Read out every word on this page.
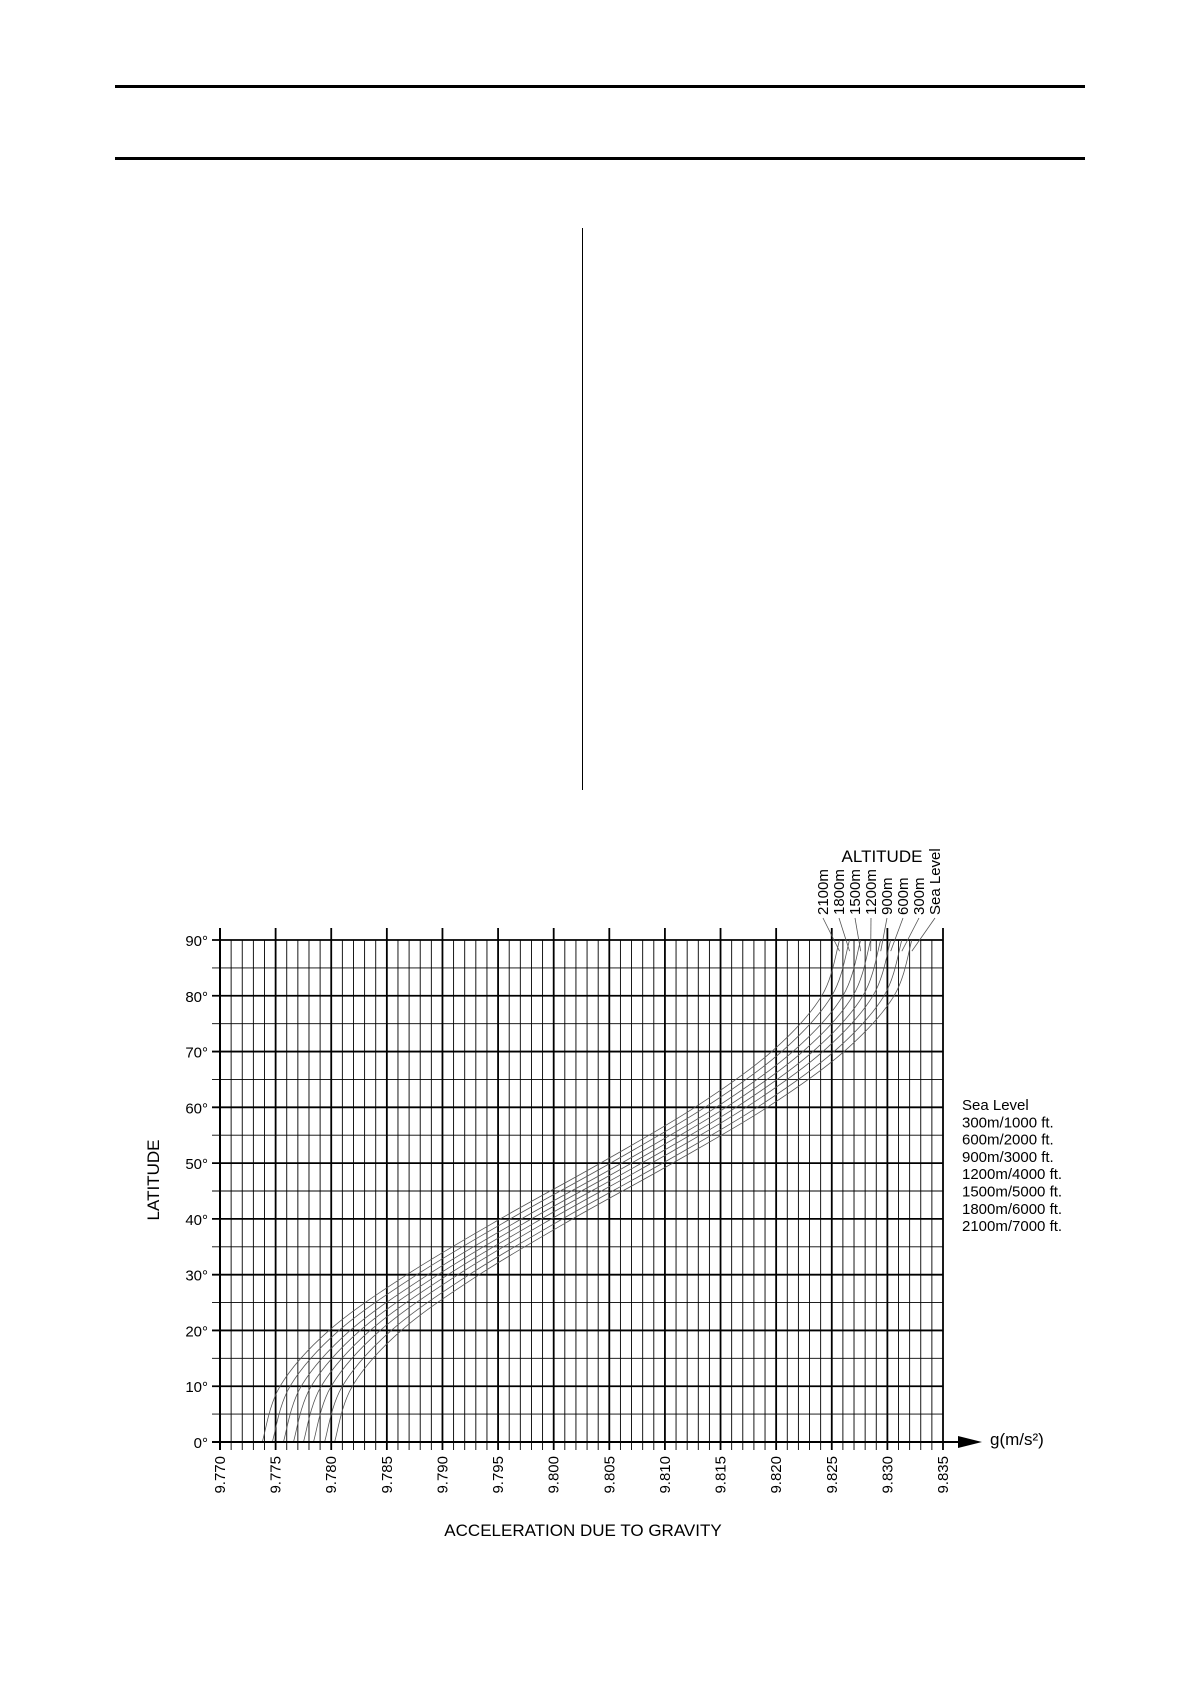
9.770	9.775	9.780	9.785	9.790	9.795	9.800	9.805	9.810	9.815	9.820	9.825	9.830	9.835
0°
10°
20°
30°
40°
50°
60°
70°
80°
90°
2100m 1800m 1500m 1200m 900m 600m 300m Sea Level
Sea Level
300m/1000 ft.
600m/2000 ft.
900m/3000 ft.
1200m/4000 ft.
1500m/5000 ft.
1800m/6000 ft.
2100m/7000 ft.
ALTITUDE
LATITUDE
ACCELERATION DUE TO GRAVITY
g(m/s²)
